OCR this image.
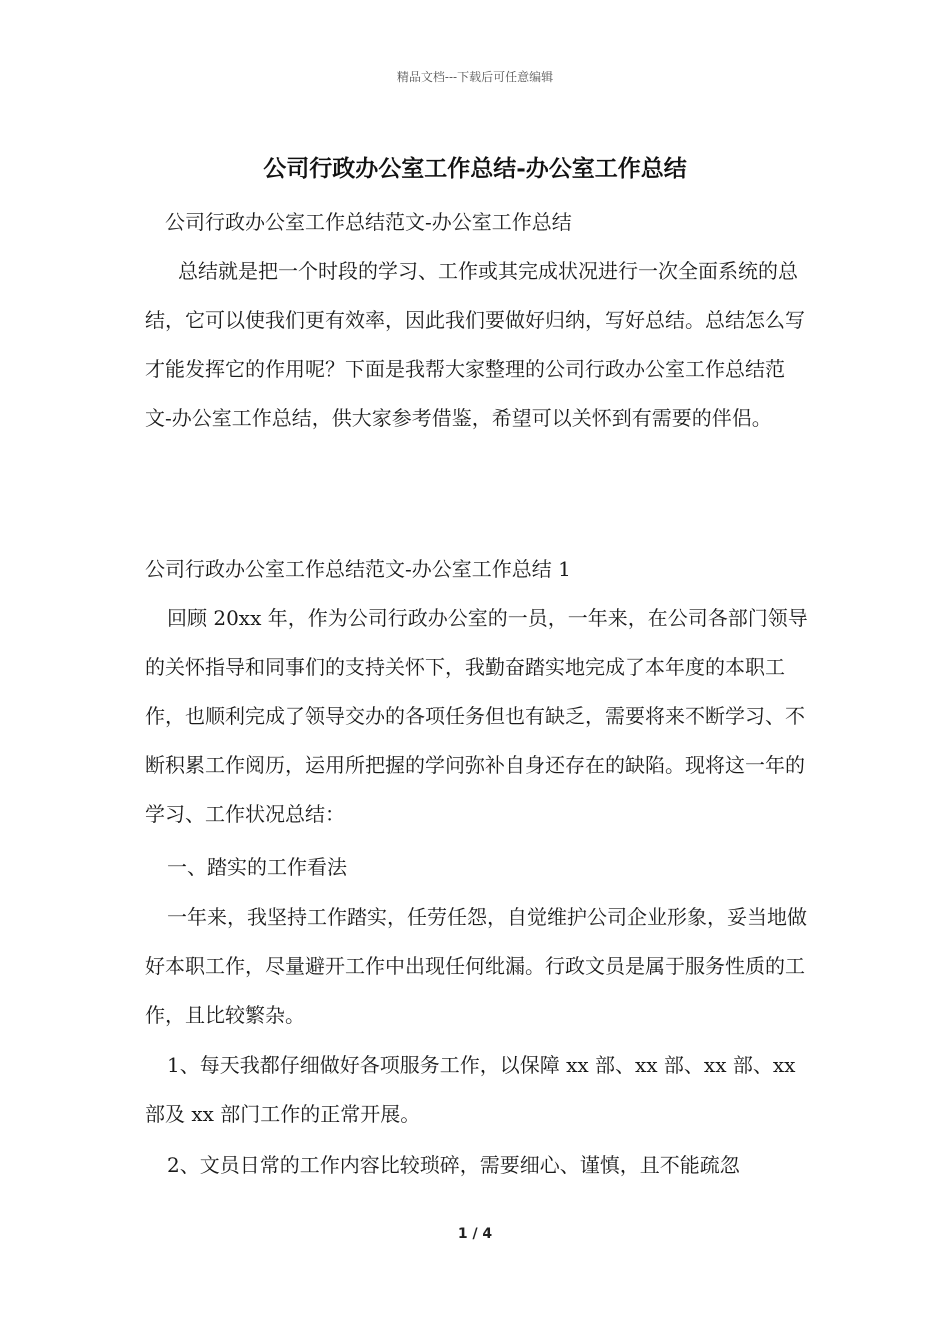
精品文档---下载后可任意编辑
公司行政办公室工作总结-办公室工作总结

公司行政办公室工作总结范文-办公室工作总结

总结就是把一个时段的学习、工作或其完成状况进行一次全面系统的总结，它可以使我们更有效率，因此我们要做好归纳，写好总结。总结怎么写才能发挥它的作用呢？下面是我帮大家整理的公司行政办公室工作总结范文-办公室工作总结，供大家参考借鉴，希望可以关怀到有需要的伴侣。

公司行政办公室工作总结范文-办公室工作总结 1

回顾 20xx 年，作为公司行政办公室的一员，一年来，在公司各部门领导的关怀指导和同事们的支持关怀下，我勤奋踏实地完成了本年度的本职工作，也顺利完成了领导交办的各项任务但也有缺乏，需要将来不断学习、不断积累工作阅历，运用所把握的学问弥补自身还存在的缺陷。现将这一年的学习、工作状况总结：

一、踏实的工作看法

一年来，我坚持工作踏实，任劳任怨，自觉维护公司企业形象，妥当地做好本职工作，尽量避开工作中出现任何纰漏。行政文员是属于服务性质的工作，且比较繁杂。

1、每天我都仔细做好各项服务工作，以保障 xx 部、xx 部、xx 部、xx 部及 xx 部门工作的正常开展。

2、文员日常的工作内容比较琐碎，需要细心、谨慎，且不能疏忽

1 / 4
